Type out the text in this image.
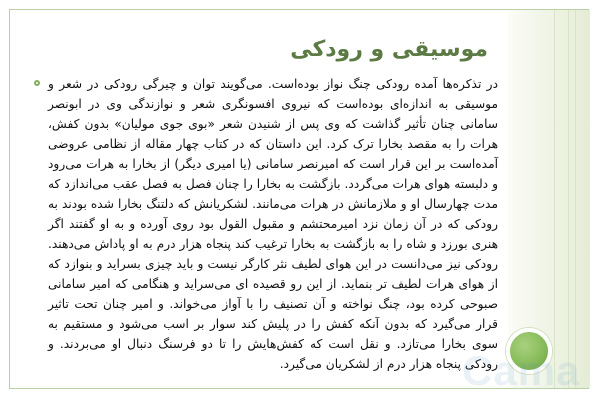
موسیقی و رودکی

در تذکره‌ها آمده رودکی چنگ نواز بوده‌است. می‌گویند توان و چیرگی رودکی در شعر و موسیقی به اندازه‌ای بوده‌است که نیروی افسونگری شعر و نوازندگی وی در ابونصر سامانی چنان تأثیر گذاشت که وی پس از شنیدن شعر «بوی جوی مولیان» بدون کفش، هرات را به مقصد بخارا ترک کرد. این داستان که در کتاب چهار مقاله از نظامی عروضی آمده‌است بر این قرار است که امیرنصر سامانی (یا امیری دیگر) از بخارا به هرات می‌رود و دلبسته هوای هرات می‌گردد. بازگشت به بخارا را چنان فصل به فصل عقب می‌اندازد که مدت چهارسال او و ملازمانش در هرات می‌مانند. لشکریانش که دلتنگ بخارا شده بودند به رودکی که در آن زمان نزد امیرمحتشم و مقبول القول بود روی آورده و به او گفتند اگر هنری بورزد و شاه را به بازگشت به بخارا ترغیب کند پنجاه هزار درم به او پاداش می‌دهند. رودکی نیز می‌دانست در این هوای لطیف نثر کارگر نیست و باید چیزی بسراید و بنوازد که از هوای هرات لطیف تر بنماید. از این رو قصیده ای می‌سراید و هنگامی که امیر سامانی صبوحی کرده بود، چنگ نواخته و آن تصنیف را با آواز می‌خواند. و امیر چنان تحت تاثیر قرار می‌گیرد که بدون آنکه کفش را در پلیش کند سوار بر اسب می‌شود و مستقیم به سوی بخارا می‌تازد. و نقل است که کفش‌هایش را تا دو فرسنگ دنبال او می‌بردند. و رودکی پنجاه هزار درم از لشکریان می‌گیرد.
